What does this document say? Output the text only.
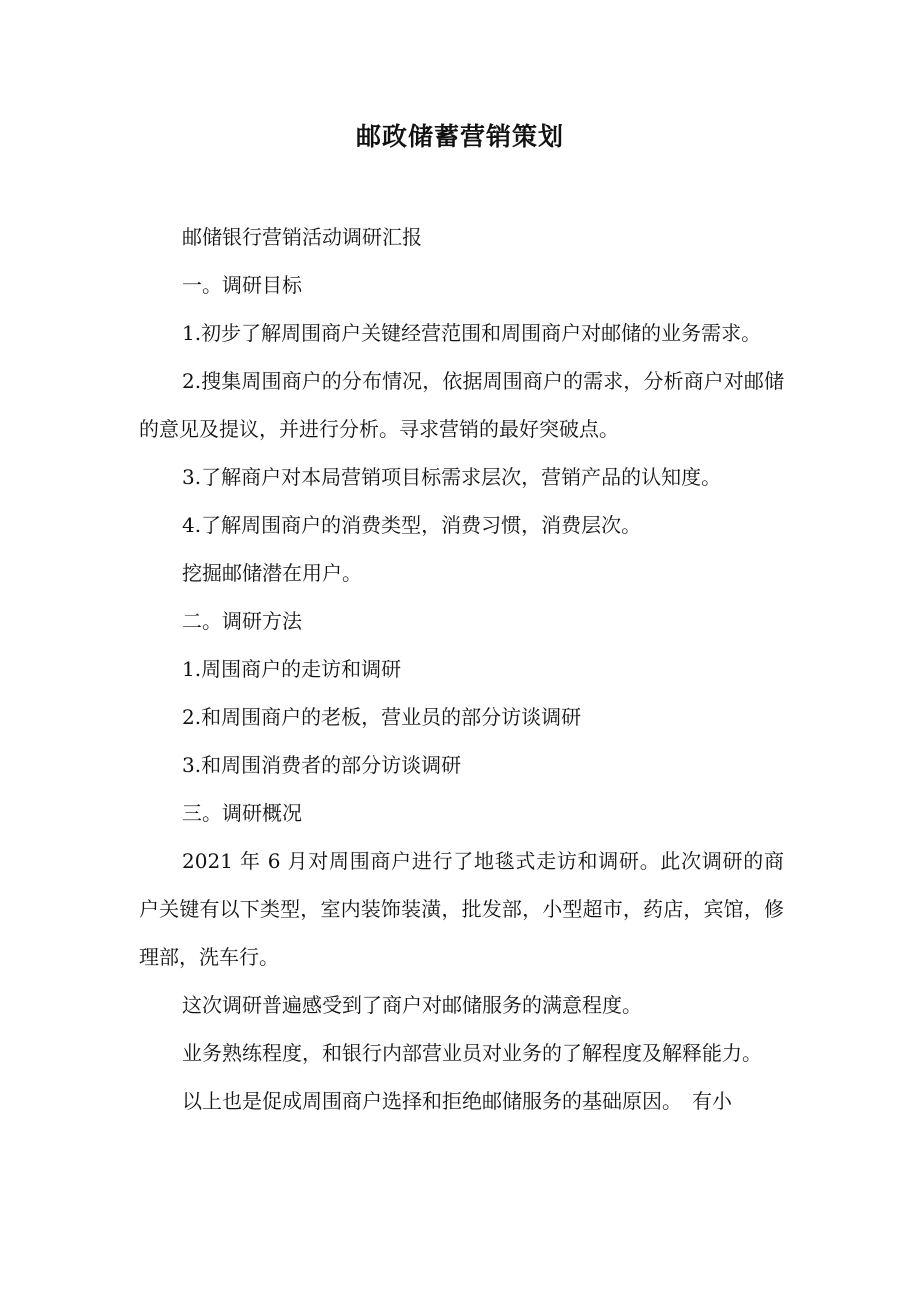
邮政储蓄营销策划

邮储银行营销活动调研汇报

一。调研目标

1.初步了解周围商户关键经营范围和周围商户对邮储的业务需求。

2.搜集周围商户的分布情况，依据周围商户的需求，分析商户对邮储的意见及提议，并进行分析。寻求营销的最好突破点。

3.了解商户对本局营销项目标需求层次，营销产品的认知度。

4.了解周围商户的消费类型，消费习惯，消费层次。

挖掘邮储潜在用户。

二。调研方法

1.周围商户的走访和调研

2.和周围商户的老板，营业员的部分访谈调研

3.和周围消费者的部分访谈调研

三。调研概况

2021 年 6 月对周围商户进行了地毯式走访和调研。此次调研的商户关键有以下类型，室内装饰装潢，批发部，小型超市，药店，宾馆，修理部，洗车行。

这次调研普遍感受到了商户对邮储服务的满意程度。

业务熟练程度，和银行内部营业员对业务的了解程度及解释能力。

以上也是促成周围商户选择和拒绝邮储服务的基础原因。　有小
